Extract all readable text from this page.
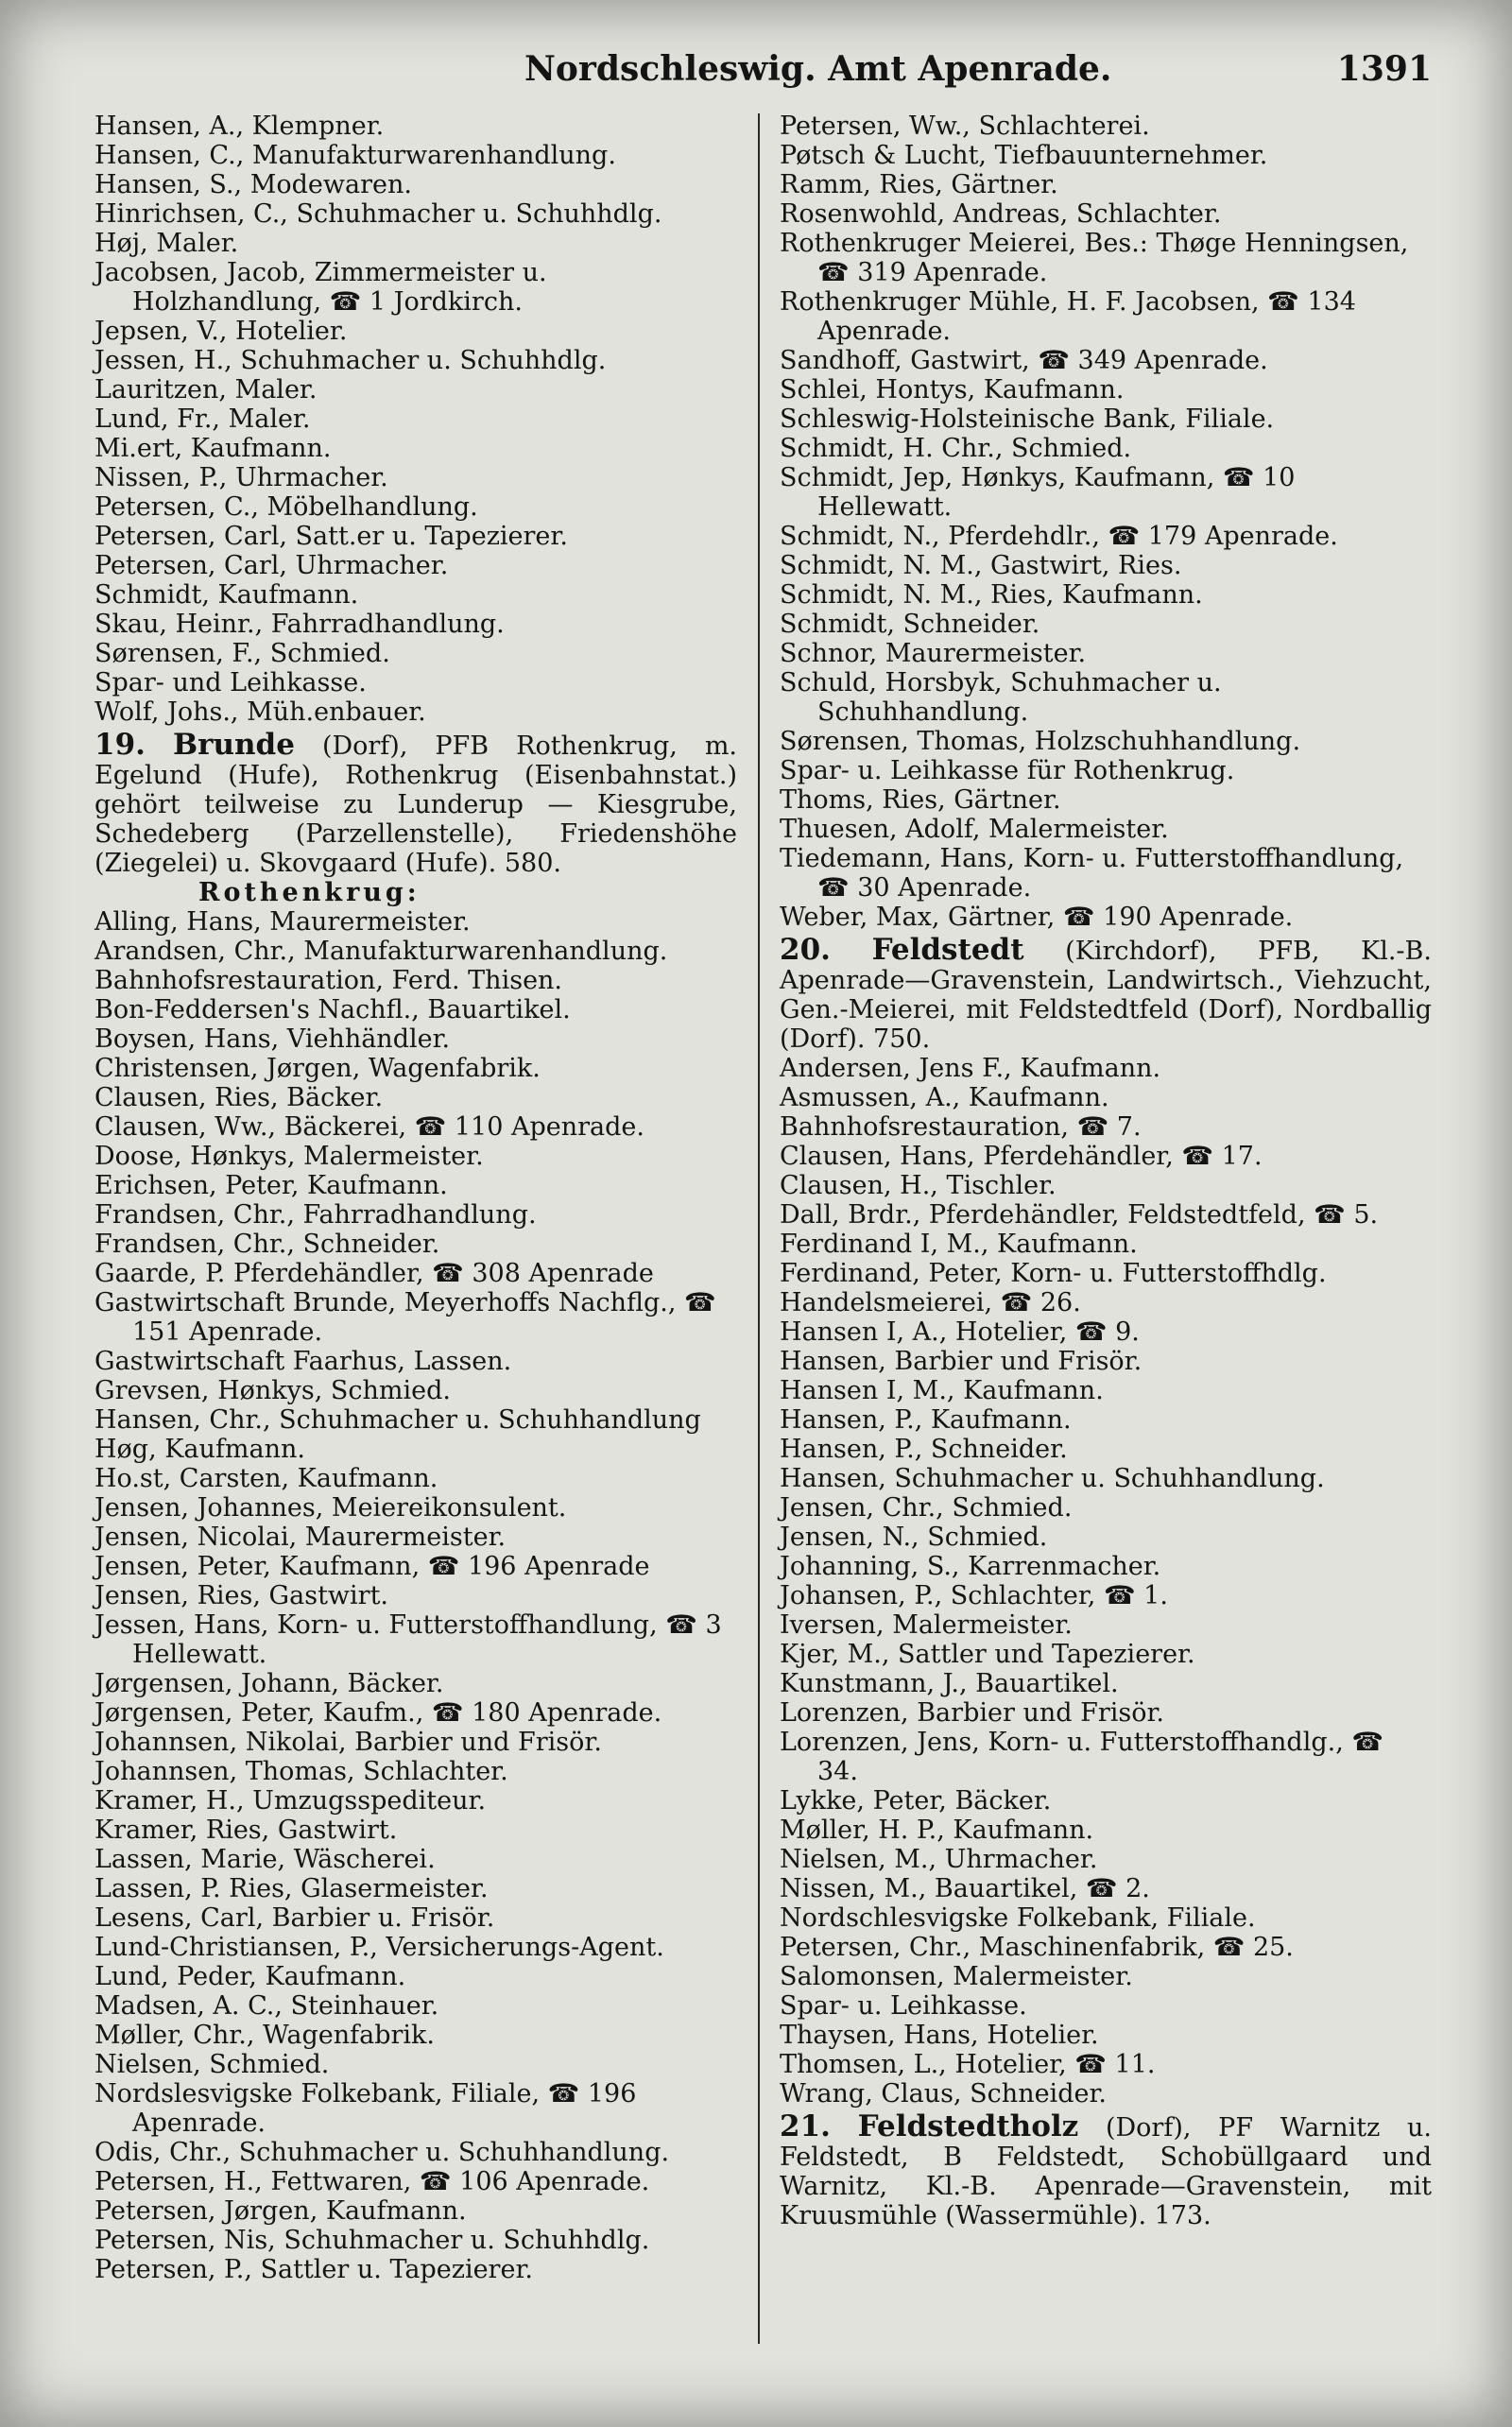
Nordschleswig. Amt Apenrade.	1391
Hansen, A., Klempner.
Hansen, C., Manufakturwarenhandlung.
Hansen, S., Modewaren.
Hinrichsen, C., Schuhmacher u. Schuhhdlg.
Høj, Maler.
Jacobsen, Jacob, Zimmermeister u. Holzhandlung, ☎ 1 Jordkirch.
Jepsen, V., Hotelier.
Jessen, H., Schuhmacher u. Schuhhdlg.
Lauritzen, Maler.
Lund, Fr., Maler.
Mi.ert, Kaufmann.
Nissen, P., Uhrmacher.
Petersen, C., Möbelhandlung.
Petersen, Carl, Satt.er u. Tapezierer.
Petersen, Carl, Uhrmacher.
Schmidt, Kaufmann.
Skau, Heinr., Fahrradhandlung.
Sørensen, F., Schmied.
Spar- und Leihkasse.
Wolf, Johs., Müh.enbauer.
19. Brunde (Dorf), PFB Rothenkrug, m. Egelund (Hufe), Rothenkrug (Eisenbahnstat.) gehört teilweise zu Lunderup — Kiesgrube, Schedeberg (Parzellenstelle), Friedenshöhe (Ziegelei) u. Skovgaard (Hufe). 580.
Rothenkrug:
Alling, Hans, Maurermeister.
Arandsen, Chr., Manufakturwarenhandlung.
Bahnhofsrestauration, Ferd. Thisen.
Bon-Feddersen's Nachfl., Bauartikel.
Boysen, Hans, Viehhändler.
Christensen, Jørgen, Wagenfabrik.
Clausen, Ries, Bäcker.
Clausen, Ww., Bäckerei, ☎ 110 Apenrade.
Doose, Hønkys, Malermeister.
Erichsen, Peter, Kaufmann.
Frandsen, Chr., Fahrradhandlung.
Frandsen, Chr., Schneider.
Gaarde, P. Pferdehändler, ☎ 308 Apenrade
Gastwirtschaft Brunde, Meyerhoffs Nachflg., ☎ 151 Apenrade.
Gastwirtschaft Faarhus, Lassen.
Grevsen, Hønkys, Schmied.
Hansen, Chr., Schuhmacher u. Schuhhandlung
Høg, Kaufmann.
Ho.st, Carsten, Kaufmann.
Jensen, Johannes, Meiereikonsulent.
Jensen, Nicolai, Maurermeister.
Jensen, Peter, Kaufmann, ☎ 196 Apenrade
Jensen, Ries, Gastwirt.
Jessen, Hans, Korn- u. Futterstoffhandlung, ☎ 3 Hellewatt.
Jørgensen, Johann, Bäcker.
Jørgensen, Peter, Kaufm., ☎ 180 Apenrade.
Johannsen, Nikolai, Barbier und Frisör.
Johannsen, Thomas, Schlachter.
Kramer, H., Umzugsspediteur.
Kramer, Ries, Gastwirt.
Lassen, Marie, Wäscherei.
Lassen, P. Ries, Glasermeister.
Lesens, Carl, Barbier u. Frisör.
Lund-Christiansen, P., Versicherungs-Agent.
Lund, Peder, Kaufmann.
Madsen, A. C., Steinhauer.
Møller, Chr., Wagenfabrik.
Nielsen, Schmied.
Nordslesvigske Folkebank, Filiale, ☎ 196 Apenrade.
Odis, Chr., Schuhmacher u. Schuhhandlung.
Petersen, H., Fettwaren, ☎ 106 Apenrade.
Petersen, Jørgen, Kaufmann.
Petersen, Nis, Schuhmacher u. Schuhhdlg.
Petersen, P., Sattler u. Tapezierer.
Petersen, Ww., Schlachterei.
Pøtsch & Lucht, Tiefbauunternehmer.
Ramm, Ries, Gärtner.
Rosenwohld, Andreas, Schlachter.
Rothenkruger Meierei, Bes.: Thøge Henningsen, ☎ 319 Apenrade.
Rothenkruger Mühle, H. F. Jacobsen, ☎ 134 Apenrade.
Sandhoff, Gastwirt, ☎ 349 Apenrade.
Schlei, Hontys, Kaufmann.
Schleswig-Holsteinische Bank, Filiale.
Schmidt, H. Chr., Schmied.
Schmidt, Jep, Hønkys, Kaufmann, ☎ 10 Hellewatt.
Schmidt, N., Pferdehdlr., ☎ 179 Apenrade.
Schmidt, N. M., Gastwirt, Ries.
Schmidt, N. M., Ries, Kaufmann.
Schmidt, Schneider.
Schnor, Maurermeister.
Schuld, Horsbyk, Schuhmacher u. Schuhhandlung.
Sørensen, Thomas, Holzschuhhandlung.
Spar- u. Leihkasse für Rothenkrug.
Thoms, Ries, Gärtner.
Thuesen, Adolf, Malermeister.
Tiedemann, Hans, Korn- u. Futterstoffhandlung, ☎ 30 Apenrade.
Weber, Max, Gärtner, ☎ 190 Apenrade.
20. Feldstedt (Kirchdorf), PFB, Kl.-B. Apenrade—Gravenstein, Landwirtsch., Viehzucht, Gen.-Meierei, mit Feldstedtfeld (Dorf), Nordballig (Dorf). 750.
Andersen, Jens F., Kaufmann.
Asmussen, A., Kaufmann.
Bahnhofsrestauration, ☎ 7.
Clausen, Hans, Pferdehändler, ☎ 17.
Clausen, H., Tischler.
Dall, Brdr., Pferdehändler, Feldstedtfeld, ☎ 5.
Ferdinand I, M., Kaufmann.
Ferdinand, Peter, Korn- u. Futterstoffhdlg.
Handelsmeierei, ☎ 26.
Hansen I, A., Hotelier, ☎ 9.
Hansen, Barbier und Frisör.
Hansen I, M., Kaufmann.
Hansen, P., Kaufmann.
Hansen, P., Schneider.
Hansen, Schuhmacher u. Schuhhandlung.
Jensen, Chr., Schmied.
Jensen, N., Schmied.
Johanning, S., Karrenmacher.
Johansen, P., Schlachter, ☎ 1.
Iversen, Malermeister.
Kjer, M., Sattler und Tapezierer.
Kunstmann, J., Bauartikel.
Lorenzen, Barbier und Frisör.
Lorenzen, Jens, Korn- u. Futterstoffhandlg., ☎ 34.
Lykke, Peter, Bäcker.
Møller, H. P., Kaufmann.
Nielsen, M., Uhrmacher.
Nissen, M., Bauartikel, ☎ 2.
Nordschlesvigske Folkebank, Filiale.
Petersen, Chr., Maschinenfabrik, ☎ 25.
Salomonsen, Malermeister.
Spar- u. Leihkasse.
Thaysen, Hans, Hotelier.
Thomsen, L., Hotelier, ☎ 11.
Wrang, Claus, Schneider.
21. Feldstedtholz (Dorf), PF Warnitz u. Feldstedt, B Feldstedt, Schobüllgaard und Warnitz, Kl.-B. Apenrade—Gravenstein, mit Kruusmühle (Wassermühle). 173.
